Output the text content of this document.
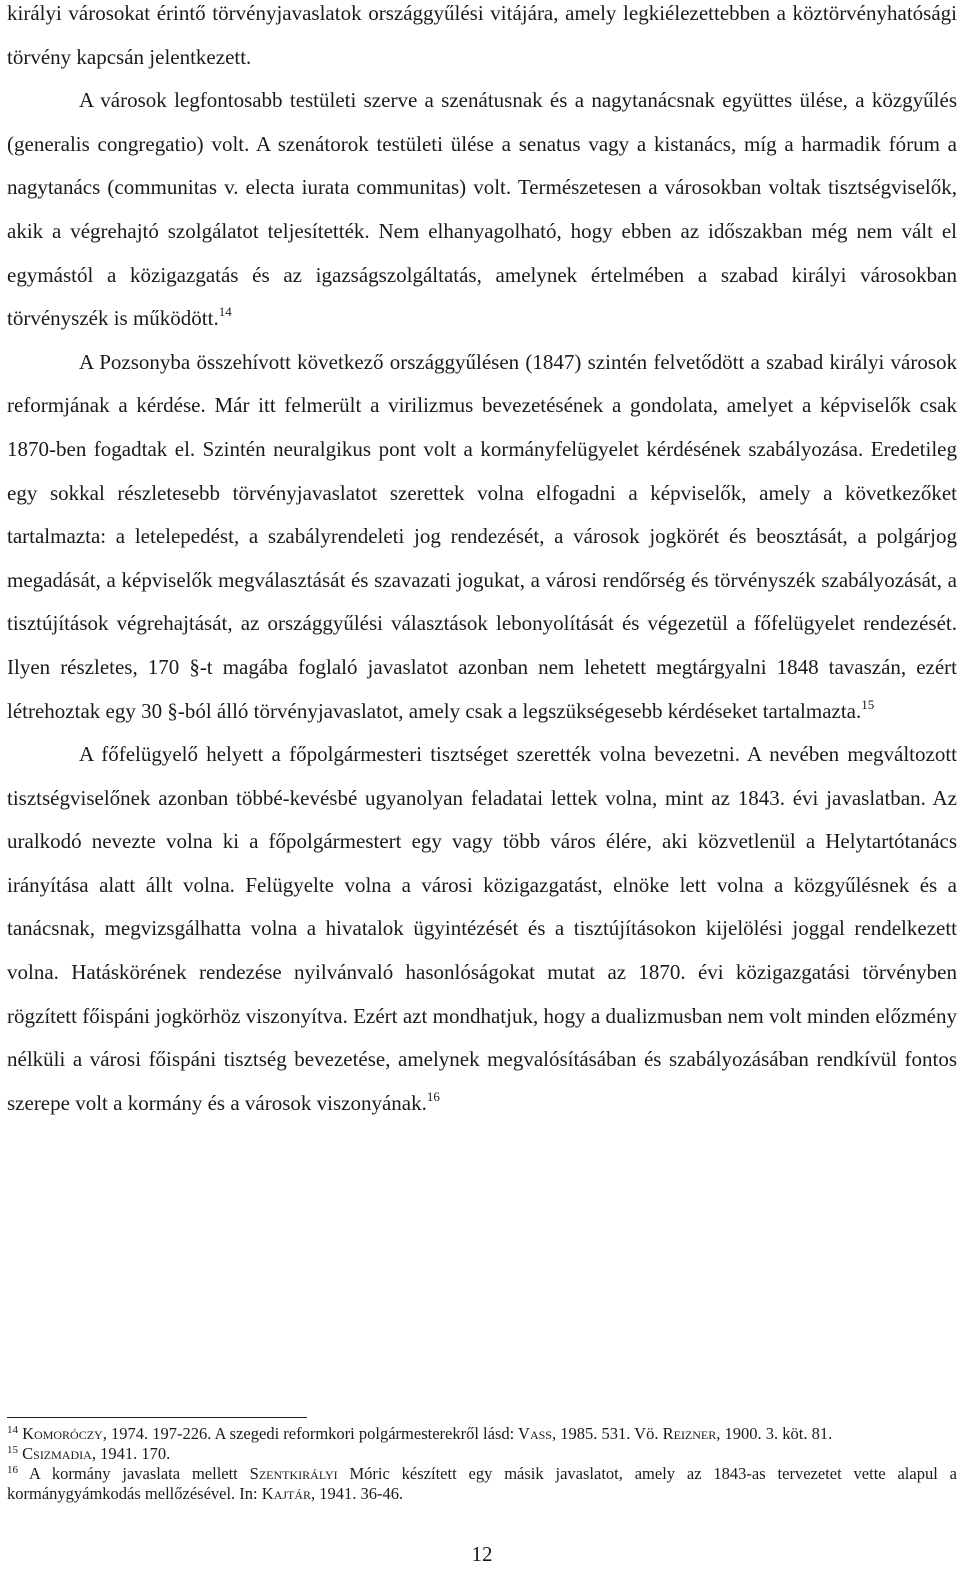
királyi városokat érintő törvényjavaslatok országgyűlési vitájára, amely legkiélezettebben a köztörvényhatósági törvény kapcsán jelentkezett.

A városok legfontosabb testületi szerve a szenátusnak és a nagytanácsnak együttes ülése, a közgyűlés (generalis congregatio) volt. A szenátorok testületi ülése a senatus vagy a kistanács, míg a harmadik fórum a nagytanács (communitas v. electa iurata communitas) volt. Természetesen a városokban voltak tisztségviselők, akik a végrehajtó szolgálatot teljesítették. Nem elhanyagolható, hogy ebben az időszakban még nem vált el egymástól a közigazgatás és az igazságszolgáltatás, amelynek értelmében a szabad királyi városokban törvényszék is működött.$^{14}$

A Pozsonyba összehívott következő országgyűlésen (1847) szintén felvetődött a szabad királyi városok reformjának a kérdése. Már itt felmerült a virilizmus bevezetésének a gondolata, amelyet a képviselők csak 1870-ben fogadtak el. Szintén neuralgikus pont volt a kormányfelügyelet kérdésének szabályozása. Eredetileg egy sokkal részletesebb törvényjavaslatot szerettek volna elfogadni a képviselők, amely a következőket tartalmazta: a letelepedést, a szabályrendeleti jog rendezését, a városok jogkörét és beosztását, a polgárjog megadását, a képviselők megválasztását és szavazati jogukat, a városi rendőrség és törvényszék szabályozását, a tisztújítások végrehajtását, az országgyűlési választások lebonyolítását és végezetül a főfelügyelet rendezését. Ilyen részletes, 170 §-t magába foglaló javaslatot azonban nem lehetett megtárgyalni 1848 tavaszán, ezért létrehoztak egy 30 §-ból álló törvényjavaslatot, amely csak a legszükségesebb kérdéseket tartalmazta.$^{15}$

A főfelügyelő helyett a főpolgármesteri tisztséget szerették volna bevezetni. A nevében megváltozott tisztségviselőnek azonban többé-kevésbé ugyanolyan feladatai lettek volna, mint az 1843. évi javaslatban. Az uralkodó nevezte volna ki a főpolgármestert egy vagy több város élére, aki közvetlenül a Helytartótanács irányítása alatt állt volna. Felügyelte volna a városi közigazgatást, elnöke lett volna a közgyűlésnek és a tanácsnak, megvizsgálhatta volna a hivatalok ügyintézését és a tisztújításokon kijelölési joggal rendelkezett volna. Hatáskörének rendezése nyilvánvaló hasonlóságokat mutat az 1870. évi közigazgatási törvényben rögzített főispáni jogkörhöz viszonyítva. Ezért azt mondhatjuk, hogy a dualizmusban nem volt minden előzmény nélküli a városi főispáni tisztség bevezetése, amelynek megvalósításában és szabályozásában rendkívül fontos szerepe volt a kormány és a városok viszonyának.$^{16}$

$^{14}$ Komoróczy, 1974. 197-226. A szegedi reformkori polgármesterekről lásd: Vass, 1985. 531. Vö. Reizner, 1900. 3. köt. 81.

$^{15}$ Csizmadia, 1941. 170.

$^{16}$ A kormány javaslata mellett Szentkirályi Móric készített egy másik javaslatot, amely az 1843-as tervezetet vette alapul a kormánygyámkodás mellőzésével. In: Kajtár, 1941. 36-46.

12
